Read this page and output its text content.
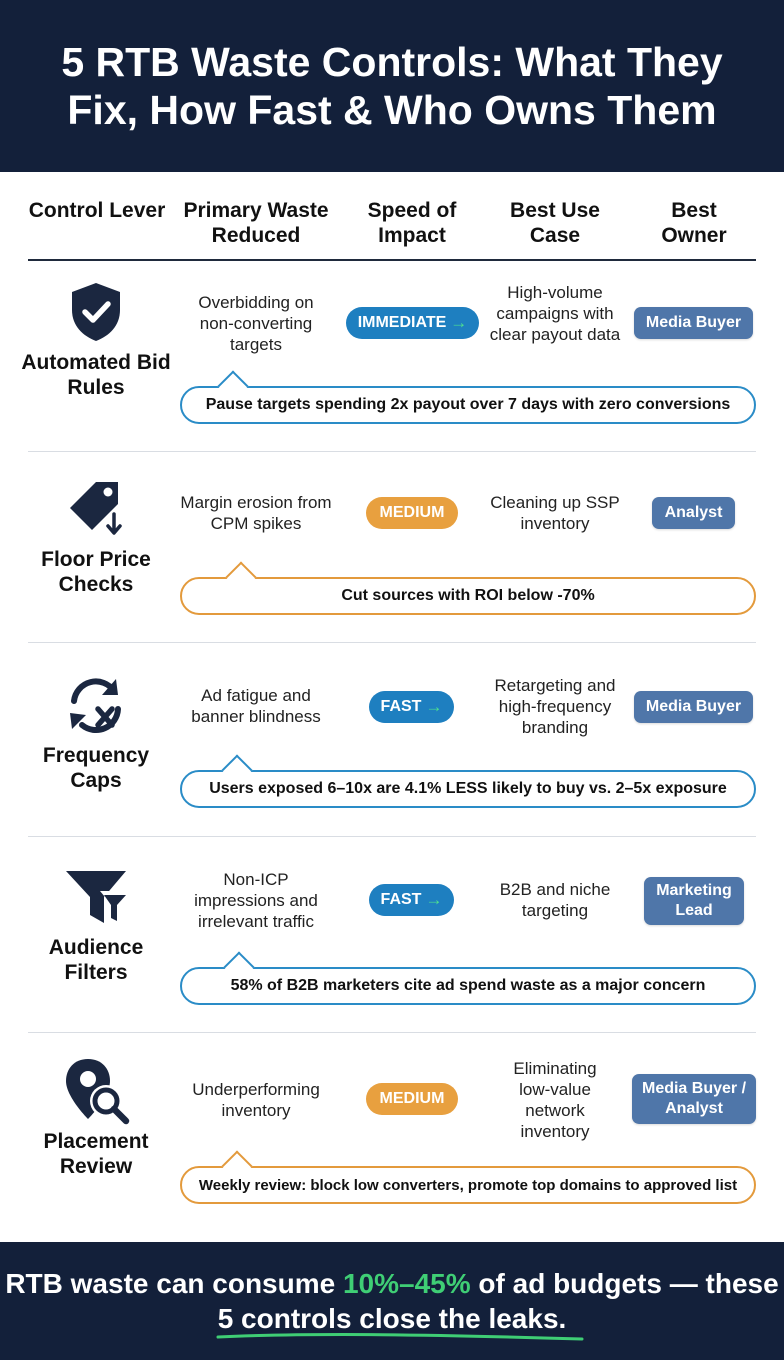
5 RTB Waste Controls: What They Fix, How Fast & Who Owns Them
Control Lever Primary Waste Reduced
Speed of Impact
Best Use Case
Best Owner
Automated Bid Rules
Overbidding on non-converting targets
IMMEDIATE →
High-volume campaigns with clear payout data
Media Buyer
Pause targets spending 2x payout over 7 days with zero conversions
Floor Price Checks
Margin erosion from CPM spikes
MEDIUM
Cleaning up SSP inventory
Analyst
Cut sources with ROI below -70%
Frequency Caps
Ad fatigue and banner blindness
FAST →
Retargeting and high-frequency branding
Media Buyer
Users exposed 6–10x are 4.1% LESS likely to buy vs. 2–5x exposure
Audience Filters
Non-ICP impressions and irrelevant traffic
FAST →
B2B and niche targeting
Marketing Lead
58% of B2B marketers cite ad spend waste as a major concern
Placement Review
Underperforming inventory
MEDIUM
Eliminating low-value network inventory
Media Buyer / Analyst
Weekly review: block low converters, promote top domains to approved list
RTB waste can consume 10%–45% of ad budgets — these 5 controls close the leaks
.
